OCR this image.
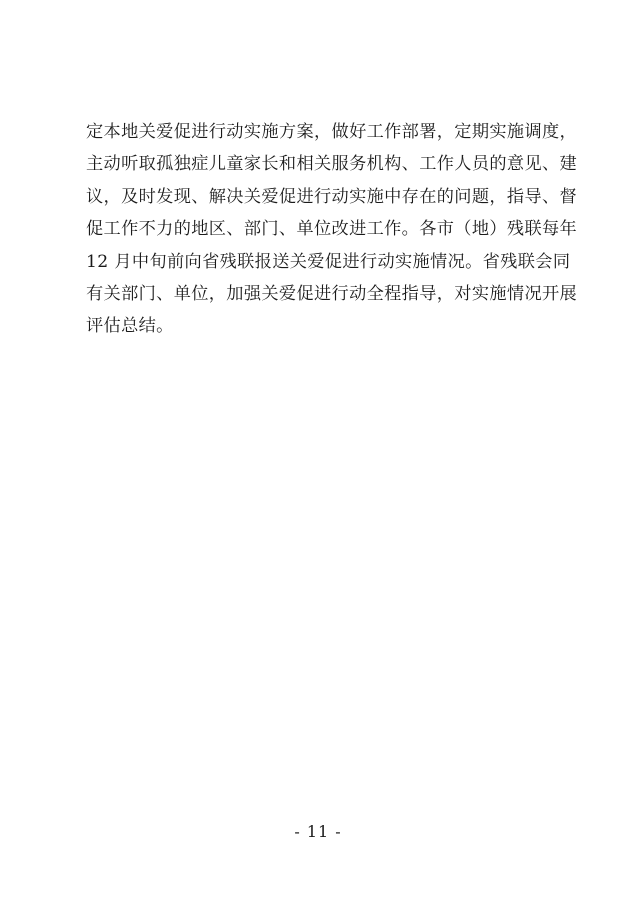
定本地关爱促进行动实施方案，做好工作部署，定期实施调度，
主动听取孤独症儿童家长和相关服务机构、工作人员的意见、建
议，及时发现、解决关爱促进行动实施中存在的问题，指导、督
促工作不力的地区、部门、单位改进工作。各市（地）残联每年
12 月中旬前向省残联报送关爱促进行动实施情况。省残联会同
有关部门、单位，加强关爱促进行动全程指导，对实施情况开展
评估总结。
- 11 -
